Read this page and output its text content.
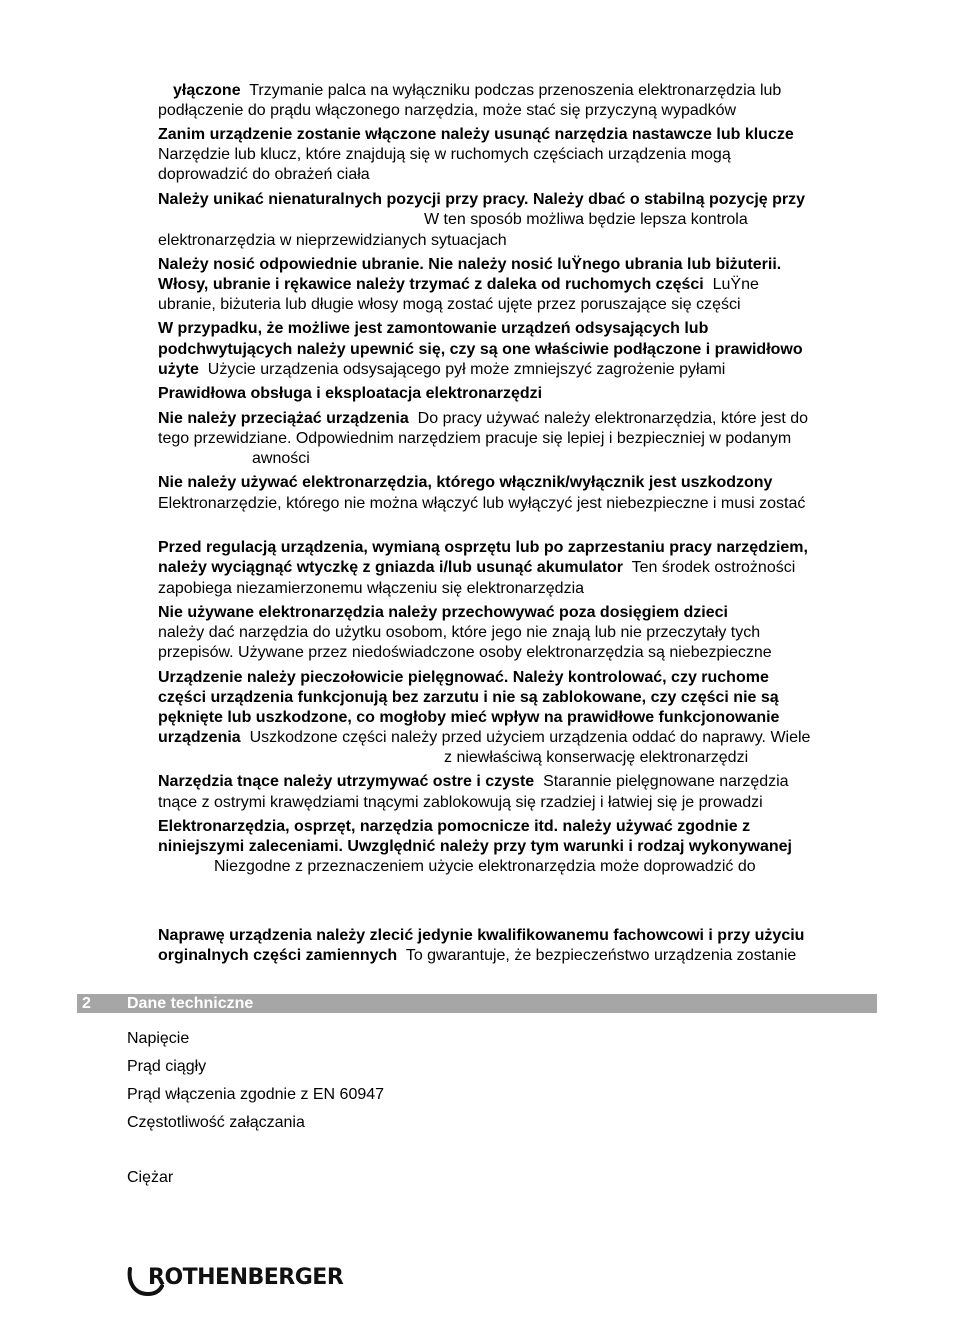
yłączone Trzymanie palca na wyłączniku podczas przenoszenia elektronarzędzia lub
podłączenie do prądu włączonego narzędzia, może stać się przyczyną wypadków
Zanim urządzenie zostanie włączone należy usunąć narzędzia nastawcze lub klucze
Narzędzie lub klucz, które znajdują się w ruchomych częściach urządzenia mogą
doprowadzić do obrażeń ciała
Należy unikać nienaturalnych pozycji przy pracy. Należy dbać o stabilną pozycję przy
W ten sposób możliwa będzie lepsza kontrola
elektronarzędzia w nieprzewidzianych sytuacjach
Należy nosić odpowiednie ubranie. Nie należy nosić luŸnego ubrania lub biżuterii.
Włosy, ubranie i rękawice należy trzymać z daleka od ruchomych części LuŸne
ubranie, biżuteria lub długie włosy mogą zostać ujęte przez poruszające się części
W przypadku, że możliwe jest zamontowanie urządzeń odsysających lub
podchwytujących należy upewnić się, czy są one właściwie podłączone i prawidłowo
użyte Użycie urządzenia odsysającego pył może zmniejszyć zagrożenie pyłami
Prawidłowa obsługa i eksploatacja elektronarzędzi
Nie należy przeciążać urządzenia Do pracy używać należy elektronarzędzia, które jest do
tego przewidziane. Odpowiednim narzędziem pracuje się lepiej i bezpieczniej w podanym
awności
Nie należy używać elektronarzędzia, którego włącznik/wyłącznik jest uszkodzony
Elektronarzędzie, którego nie można włączyć lub wyłączyć jest niebezpieczne i musi zostać
Przed regulacją urządzenia, wymianą osprzętu lub po zaprzestaniu pracy narzędziem,
należy wyciągnąć wtyczkę z gniazda i/lub usunąć akumulator Ten środek ostrożności
zapobiega niezamierzonemu włączeniu się elektronarzędzia
Nie używane elektronarzędzia należy przechowywać poza dosięgiem dzieci
należy dać narzędzia do użytku osobom, które jego nie znają lub nie przeczytały tych
przepisów. Używane przez niedoświadczone osoby elektronarzędzia są niebezpieczne
Urządzenie należy pieczołowicie pielęgnować. Należy kontrolować, czy ruchome
części urządzenia funkcjonują bez zarzutu i nie są zablokowane, czy części nie są
pęknięte lub uszkodzone, co mogłoby mieć wpływ na prawidłowe funkcjonowanie
urządzenia Uszkodzone części należy przed użyciem urządzenia oddać do naprawy. Wiele
z niewłaściwą konserwację elektronarzędzi
Narzędzia tnące należy utrzymywać ostre i czyste Starannie pielęgnowane narzędzia
tnące z ostrymi krawędziami tnącymi zablokowują się rzadziej i łatwiej się je prowadzi
Elektronarzędzia, osprzęt, narzędzia pomocnicze itd. należy używać zgodnie z
niniejszymi zaleceniami. Uwzględnić należy przy tym warunki i rodzaj wykonywanej
Niezgodne z przeznaczeniem użycie elektronarzędzia może doprowadzić do
Naprawę urządzenia należy zlecić jedynie kwalifikowanemu fachowcowi i przy użyciu
orginalnych części zamiennych To gwarantuje, że bezpieczeństwo urządzenia zostanie
2 Dane techniczne
Napięcie
Prąd ciągły
Prąd włączenia zgodnie z EN 60947
Częstotliwość załączania
Ciężar
ROTHENBERGER
